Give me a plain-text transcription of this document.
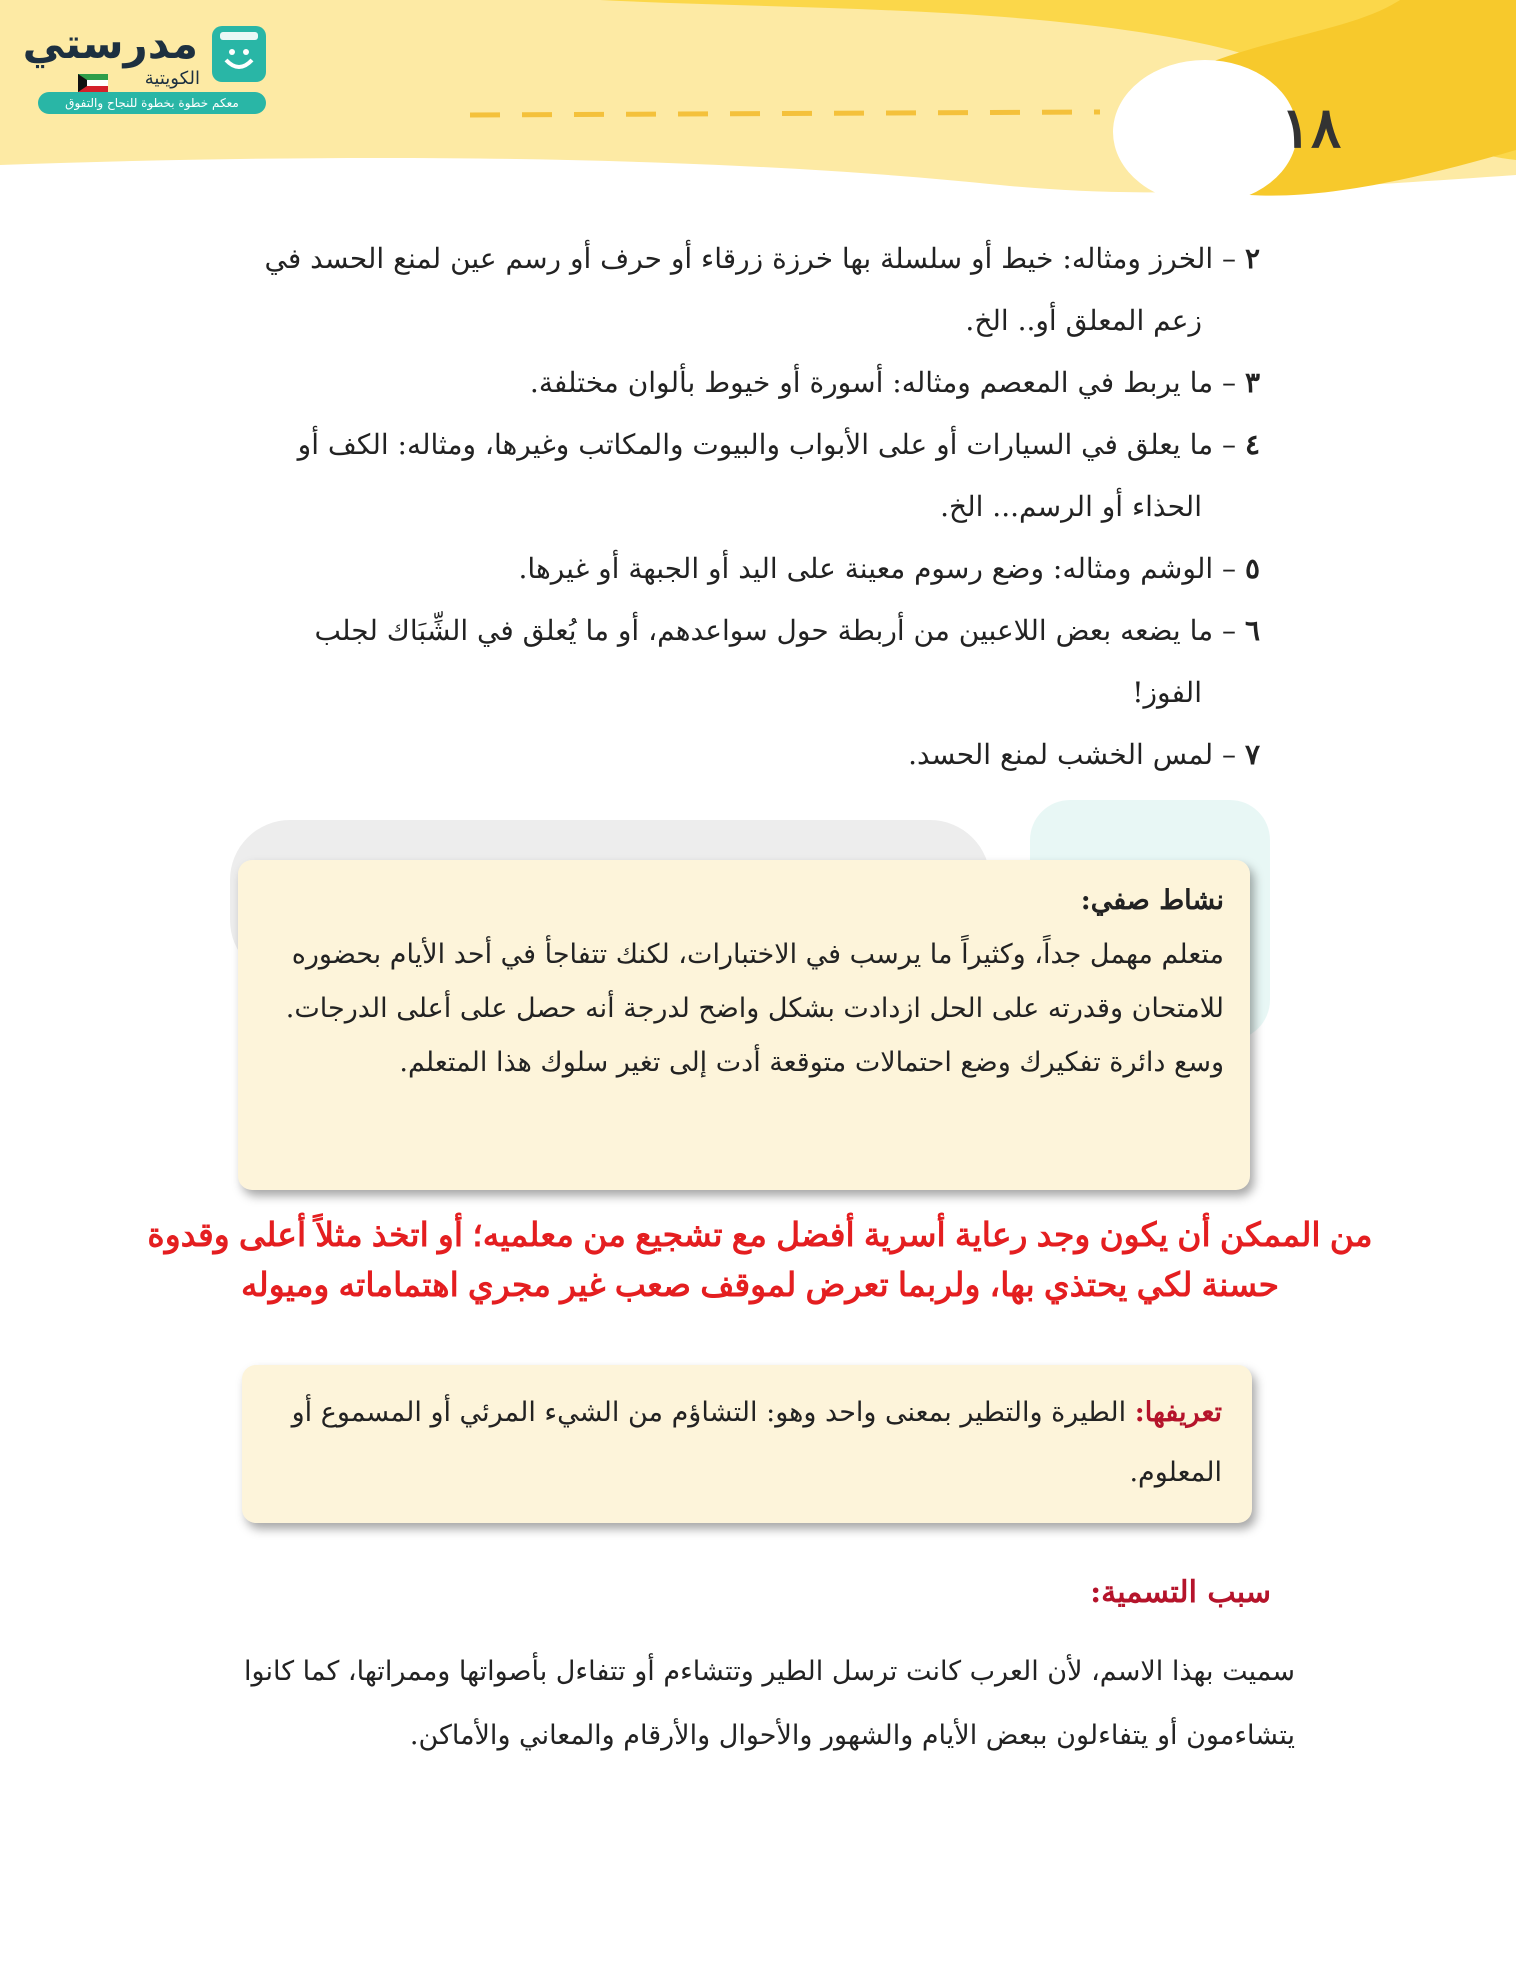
١٨
مدرستي
الكويتية
معكم خطوة بخطوة للنجاح والتفوق
٢ – الخرز ومثاله: خيط أو سلسلة بها خرزة زرقاء أو حرف أو رسم عين لمنع الحسد في
زعم المعلق أو.. الخ.
٣ – ما يربط في المعصم ومثاله: أسورة أو خيوط بألوان مختلفة.
٤ – ما يعلق في السيارات أو على الأبواب والبيوت والمكاتب وغيرها، ومثاله: الكف أو
الحذاء أو الرسم... الخ.
٥ – الوشم ومثاله: وضع رسوم معينة على اليد أو الجبهة أو غيرها.
٦ – ما يضعه بعض اللاعبين من أربطة حول سواعدهم، أو ما يُعلق في الشِّبَاك لجلب
الفوز!
٧ – لمس الخشب لمنع الحسد.
نشاط صفي:
متعلم مهمل جداً، وكثيراً ما يرسب في الاختبارات، لكنك تتفاجأ في أحد الأيام بحضوره للامتحان وقدرته على الحل ازدادت بشكل واضح لدرجة أنه حصل على أعلى الدرجات.
وسع دائرة تفكيرك وضع احتمالات متوقعة أدت إلى تغير سلوك هذا المتعلم.
من الممكن أن يكون وجد رعاية أسرية أفضل مع تشجيع من معلميه؛ أو اتخذ مثلاً أعلى وقدوة
حسنة لكي يحتذي بها، ولربما تعرض لموقف صعب غير مجري اهتماماته وميوله
تعريفها: الطيرة والتطير بمعنى واحد وهو: التشاؤم من الشيء المرئي أو المسموع أو المعلوم.
سبب التسمية:
سميت بهذا الاسم، لأن العرب كانت ترسل الطير وتتشاءم أو تتفاءل بأصواتها وممراتها، كما كانوا يتشاءمون أو يتفاءلون ببعض الأيام والشهور والأحوال والأرقام والمعاني والأماكن.
